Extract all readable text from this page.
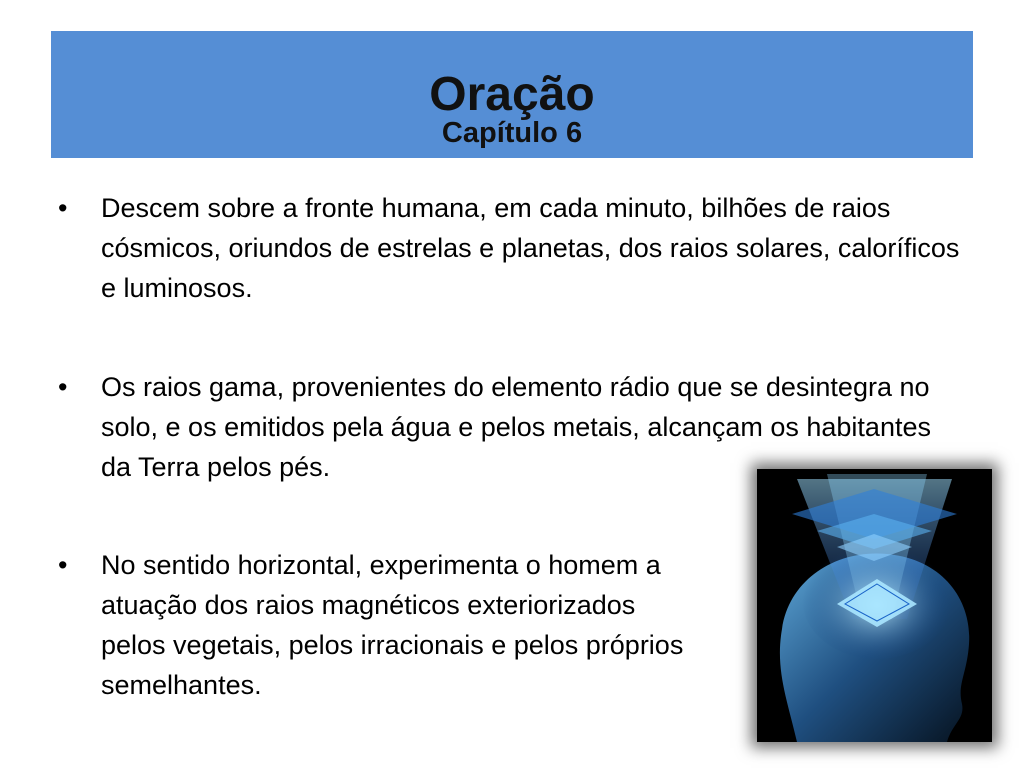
Oração
Capítulo 6
•	Descem sobre a fronte humana, em cada minuto, bilhões de raios cósmicos, oriundos de estrelas e planetas, dos raios solares, caloríficos e luminosos.
•	Os raios gama, provenientes do elemento rádio que se desintegra no solo, e os emitidos pela água e pelos metais, alcançam os habitantes da Terra pelos pés.
•	No sentido horizontal, experimenta o homem a atuação dos raios magnéticos exteriorizados pelos vegetais, pelos irracionais e pelos próprios semelhantes.
